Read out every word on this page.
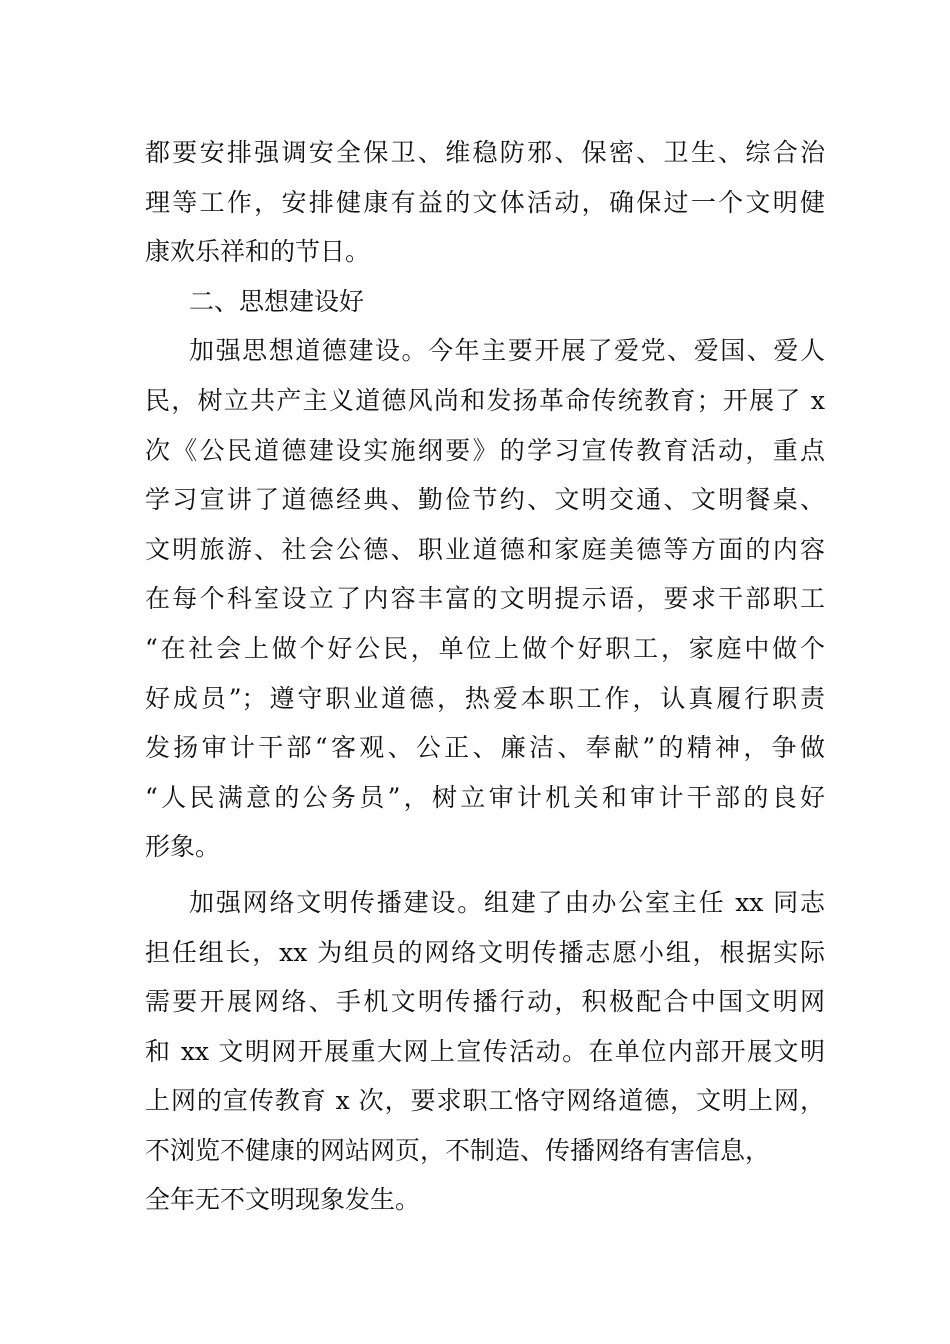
都要安排强调安全保卫、维稳防邪、保密、卫生、综合治
理等工作，安排健康有益的文体活动，确保过一个文明健
康欢乐祥和的节日。
二、思想建设好
加强思想道德建设。今年主要开展了爱党、爱国、爱人
民，树立共产主义道德风尚和发扬革命传统教育；开展了 x
次《公民道德建设实施纲要》的学习宣传教育活动，重点
学习宣讲了道德经典、勤俭节约、文明交通、文明餐桌、
文明旅游、社会公德、职业道德和家庭美德等方面的内容
在每个科室设立了内容丰富的文明提示语，要求干部职工
“在社会上做个好公民，单位上做个好职工，家庭中做个
好成员”；遵守职业道德，热爱本职工作，认真履行职责
发扬审计干部“客观、公正、廉洁、奉献”的精神，争做
“人民满意的公务员”，树立审计机关和审计干部的良好
形象。
加强网络文明传播建设。组建了由办公室主任 xx 同志
担任组长，xx 为组员的网络文明传播志愿小组，根据实际
需要开展网络、手机文明传播行动，积极配合中国文明网
和 xx 文明网开展重大网上宣传活动。在单位内部开展文明
上网的宣传教育 x 次，要求职工恪守网络道德，文明上网，
不浏览不健康的网站网页，不制造、传播网络有害信息，
全年无不文明现象发生。
